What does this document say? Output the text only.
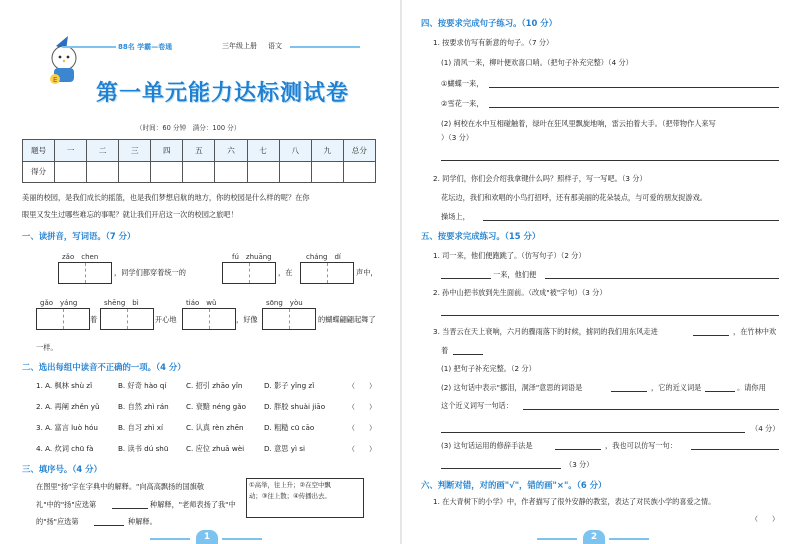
E
88名 学霸—卷通	三年级上册 语文
第一单元能力达标测试卷
（时间：60 分钟　满分：100 分）
题号	一	二	三	四	五	六	七	八	九	总分
得分										
美丽的校园，是我们成长的摇篮，也是我们梦想启航的地方，你的校园是什么样的呢？在你
眼里又发生过哪些难忘的事呢？就让我们开启这一次的校园之旅吧！
一、读拼音，写词语。（7 分）
zǎo　chen
，同学们都穿着统一的
fú　zhuāng
，在
cháng　dí
声中，
gǎo　yáng
着
shēng　bì
开心地
tiáo　wǔ
，好像
sōng　yòu
的蝴蝶翩翩起舞了
一样。
二、选出每组中读音不正确的一项。（4 分）
1. A. 枫林 shù zǐ	B. 好奇 hào qí	C. 招引 zhāo yǐn	D. 影子 yǐng zǐ	（　　）
2. A. 再阐 zhěn yǔ	B. 自然 zhì rán C. 衰黯 néng gǎo	D. 胖胶 shuài jiāo	（　　）
3. A. 富言 luò hóu	B. 自习 zhì xí	C. 认真 rèn zhēn	D. 粗糙 cū cāo	（　　）
4. A. 炊词 chū fà	B. 读书 dú shū C. 应位 zhuā wèi	D. 意思 yì si	（　　）
三、填序号。（4 分）
在图里"扬"字在字典中的解释。"向高高飘扬的国旗敬
礼"中的"扬"应选第	种解释，"老师表扬了我"中
的"扬"应选第	种解释。
①高举，往上升；②在空中飘
动；③往上散；④传播出去。
1
四、按要求完成句子练习。（10 分）
1. 按要求仿写有新意的句子。（7 分）
(1) 清风一来，柳叶便欢喜口哨。（把句子补充完整）（4 分）
①蝴蝶一来，
②雪花一来，
(2) 柯校在水中互相碰触着，绿叶在狂风里飘旋地响，雷云拍着大手。（把带物作人来写
）（3 分）
2. 同学们，你们会介绍我拿键什么吗？照样子，写一写吧。（3 分）
花坛边，我们和欢唱的小鸟打招呼，还有那美丽的花朵装点，与可爱的朋友捉游戏。
操场上，
五、按要求完成练习。（15 分）
1. 司一来，他们便跑跳了。（仿写句子）（2 分）
一来，他们便
2. 孙中山把书放到先生面前。（改成"被"字句）（3 分）
3. 当晋云在天上衰响，六月的骤雨落下的时候，掳同的我们用东风走进	，在竹林中欢
着
(1) 把句子补充完整。（2 分）
(2) 这句话中表示"挪泪，洞泽"意思的词语是	，它的近义词是	。请你用
这个近义词写一句话：
（4 分）
(3) 这句话运用的修辞手法是	，我也可以仿写一句：
（3 分）
六、判断对错，对的画"√"，错的画"×"。（6 分）
1. 在大青树下的小学》中，作者描写了很外安静的教室，表达了对民族小学的喜爱之情。
（　　）
2
